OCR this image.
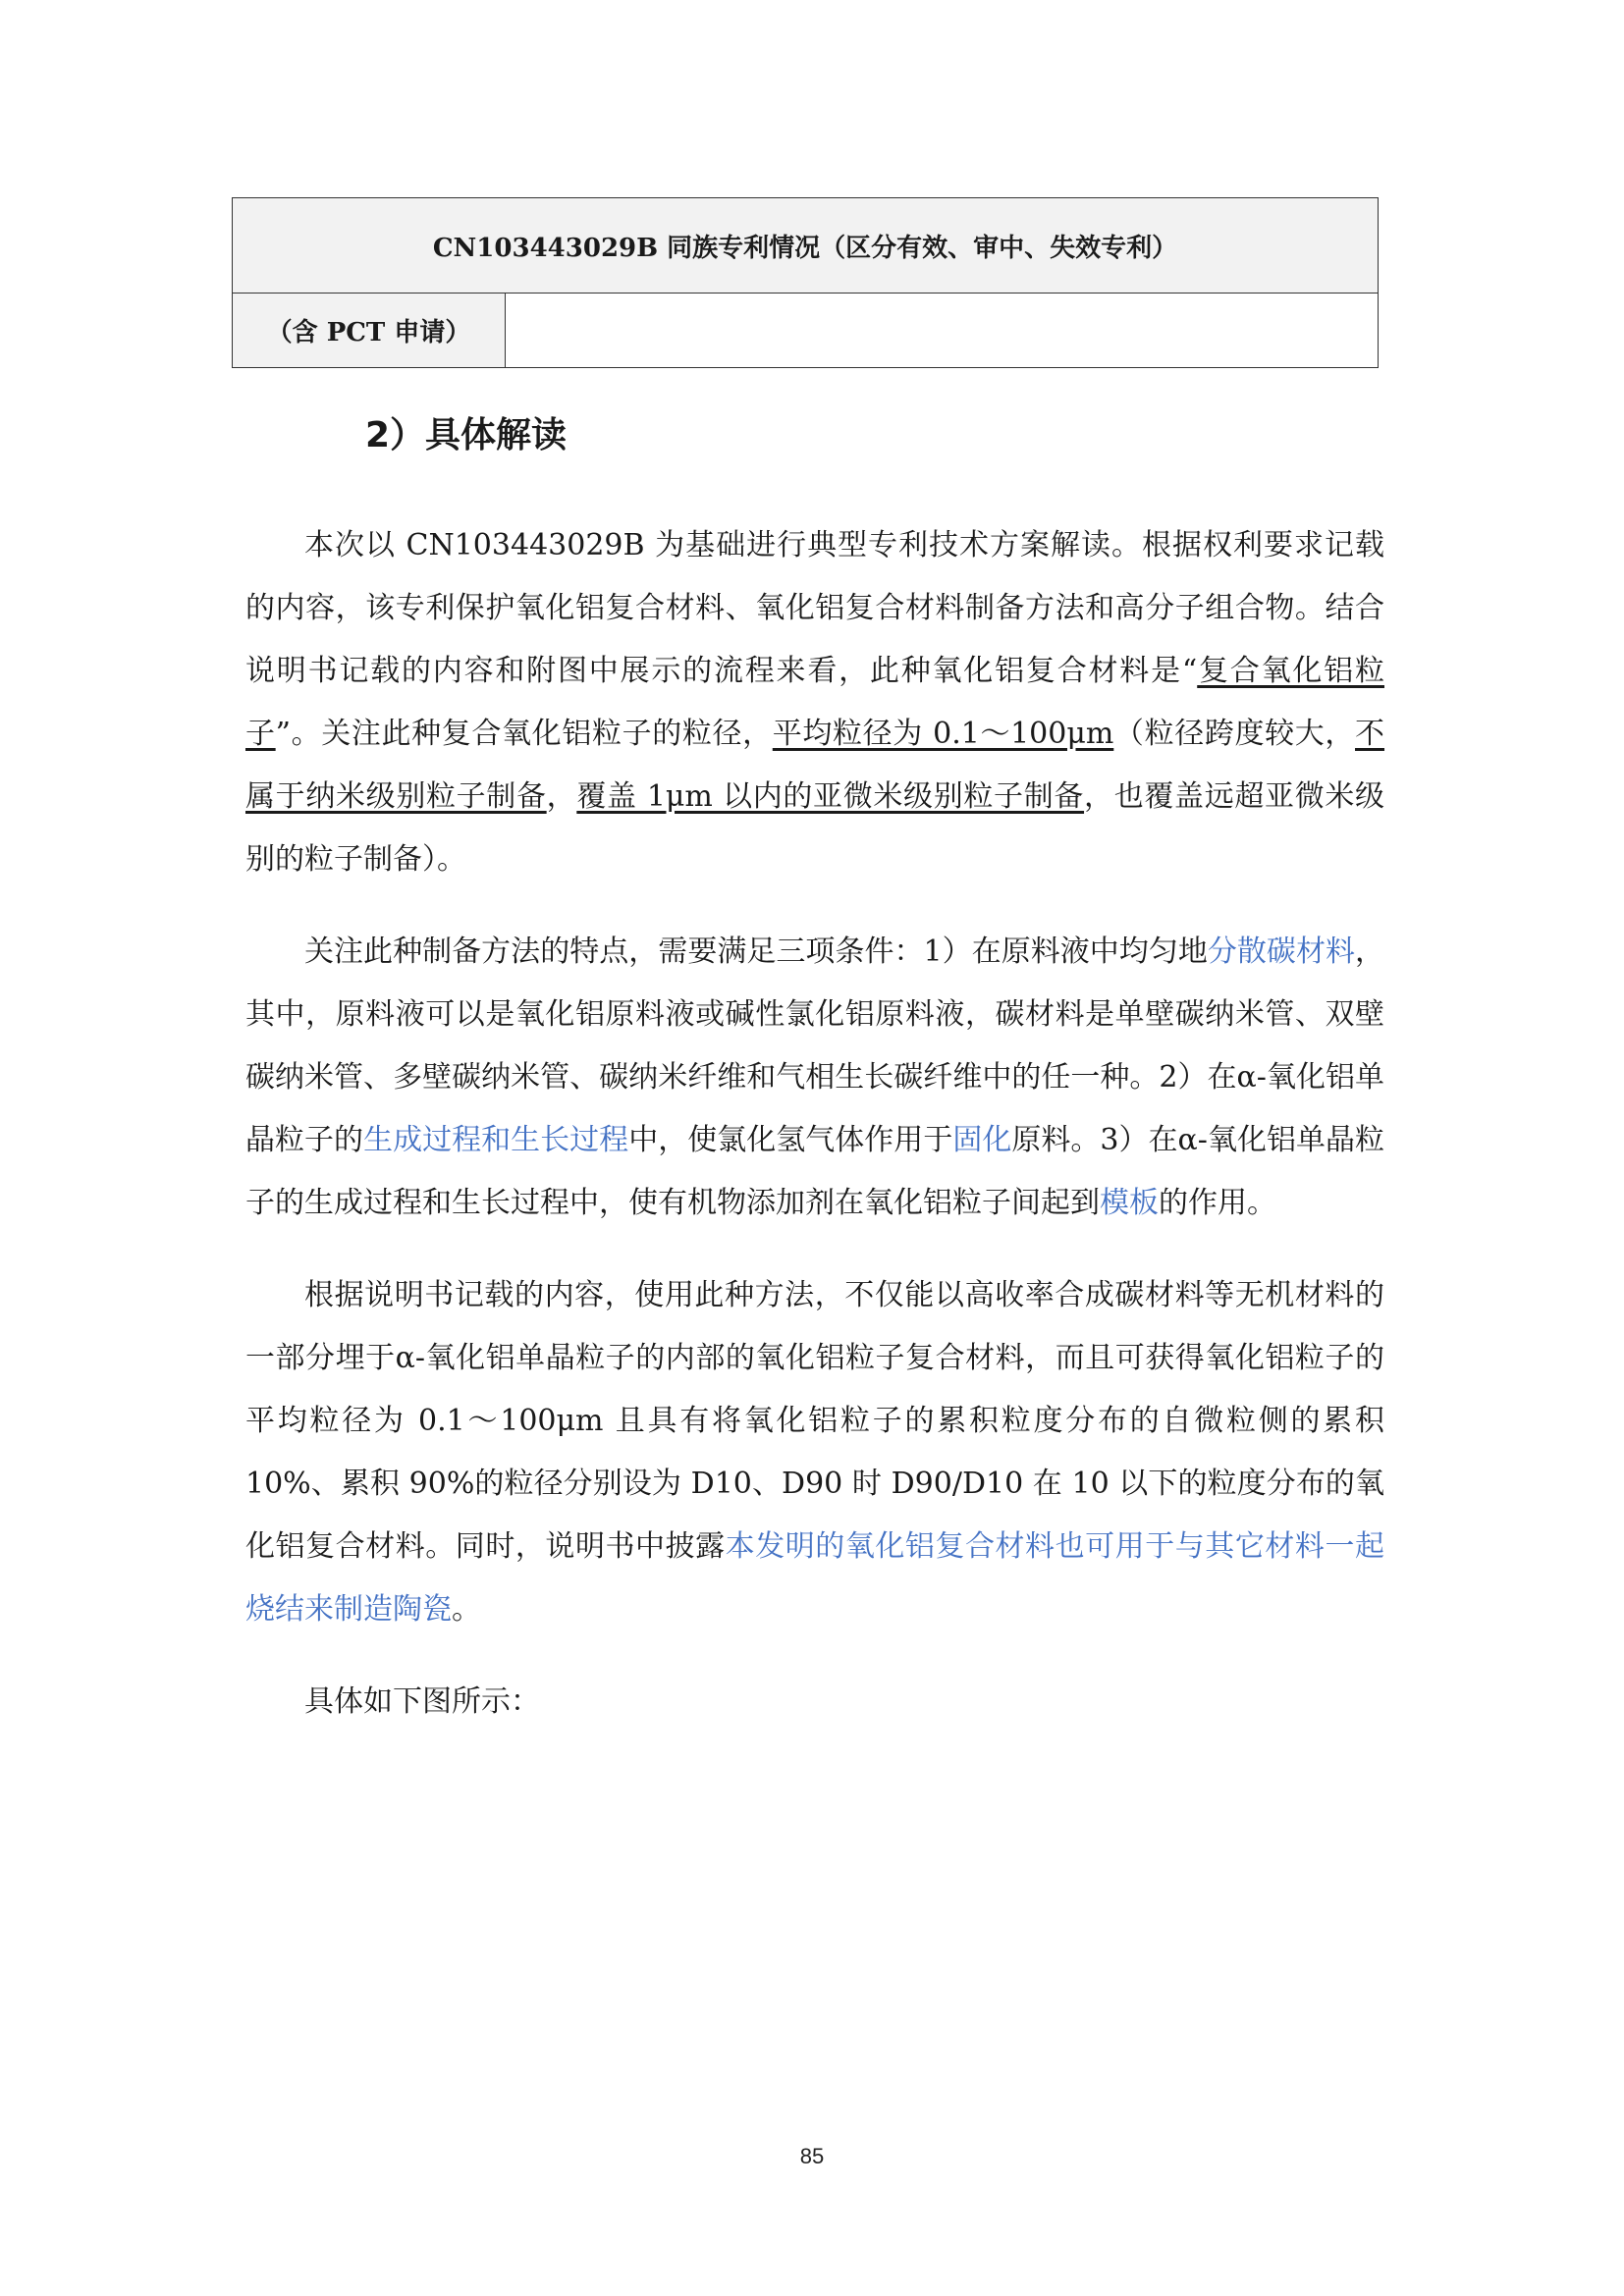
CN103443029B 同族专利情况（区分有效、审中、失效专利）
（含 PCT 申请）	
2）具体解读

本次以 CN103443029B 为基础进行典型专利技术方案解读。根据权利要求记载的内容，该专利保护氧化铝复合材料、氧化铝复合材料制备方法和高分子组合物。结合说明书记载的内容和附图中展示的流程来看，此种氧化铝复合材料是“复合氧化铝粒子”。关注此种复合氧化铝粒子的粒径，平均粒径为 0.1～100μm（粒径跨度较大，不属于纳米级别粒子制备，覆盖 1μm 以内的亚微米级别粒子制备，也覆盖远超亚微米级别的粒子制备）。

关注此种制备方法的特点，需要满足三项条件：1）在原料液中均匀地分散碳材料，其中，原料液可以是氧化铝原料液或碱性氯化铝原料液，碳材料是单壁碳纳米管、双壁碳纳米管、多壁碳纳米管、碳纳米纤维和气相生长碳纤维中的任一种。2）在α-氧化铝单晶粒子的生成过程和生长过程中，使氯化氢气体作用于固化原料。3）在α-氧化铝单晶粒子的生成过程和生长过程中，使有机物添加剂在氧化铝粒子间起到模板的作用。

根据说明书记载的内容，使用此种方法，不仅能以高收率合成碳材料等无机材料的一部分埋于α-氧化铝单晶粒子的内部的氧化铝粒子复合材料，而且可获得氧化铝粒子的平均粒径为 0.1～100μm 且具有将氧化铝粒子的累积粒度分布的自微粒侧的累积 10%、累积 90%的粒径分别设为 D10、D90 时 D90/D10 在 10 以下的粒度分布的氧化铝复合材料。同时，说明书中披露本发明的氧化铝复合材料也可用于与其它材料一起烧结来制造陶瓷。

具体如下图所示：

85
